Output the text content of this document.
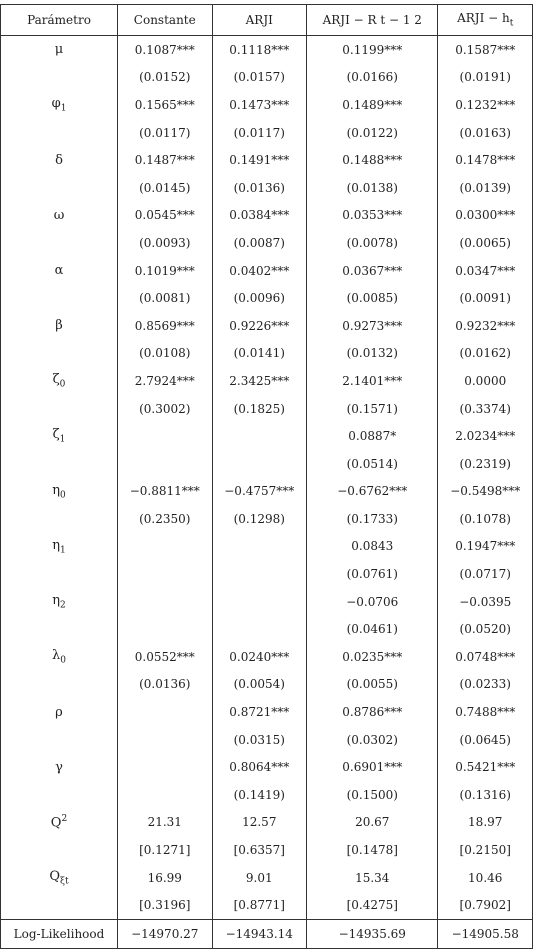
Parámetro	Constante	ARJI	ARJI − R t − 1 2	ARJI − $h_t$
μ	0.1087***	0.1118***	0.1199***	0.1587***
	(0.0152)	(0.0157)	(0.0166)	(0.0191)
$\varphi_1$	0.1565***	0.1473***	0.1489***	0.1232***
	(0.0117)	(0.0117)	(0.0122)	(0.0163)
δ	0.1487***	0.1491***	0.1488***	0.1478***
	(0.0145)	(0.0136)	(0.0138)	(0.0139)
ω	0.0545***	0.0384***	0.0353***	0.0300***
	(0.0093)	(0.0087)	(0.0078)	(0.0065)
α	0.1019***	0.0402***	0.0367***	0.0347***
	(0.0081)	(0.0096)	(0.0085)	(0.0091)
β	0.8569***	0.9226***	0.9273***	0.9232***
	(0.0108)	(0.0141)	(0.0132)	(0.0162)
$\zeta_0$	2.7924***	2.3425***	2.1401***	0.0000
	(0.3002)	(0.1825)	(0.1571)	(0.3374)
$\zeta_1$			0.0887*	2.0234***
			(0.0514)	(0.2319)
$\eta_0$	−0.8811***	−0.4757***	−0.6762***	−0.5498***
	(0.2350)	(0.1298)	(0.1733)	(0.1078)
$\eta_1$			0.0843	0.1947***
			(0.0761)	(0.0717)
$\eta_2$			−0.0706	−0.0395
			(0.0461)	(0.0520)
$\lambda_0$	0.0552***	0.0240***	0.0235***	0.0748***
	(0.0136)	(0.0054)	(0.0055)	(0.0233)
ρ		0.8721***	0.8786***	0.7488***
		(0.0315)	(0.0302)	(0.0645)
γ		0.8064***	0.6901***	0.5421***
		(0.1419)	(0.1500)	(0.1316)
$Q^2$	21.31	12.57	20.67	18.97
	[0.1271]	[0.6357]	[0.1478]	[0.2150]
$Q_{\xi t}$	16.99	9.01	15.34	10.46
	[0.3196]	[0.8771]	[0.4275]	[0.7902]
Log-Likelihood	−14970.27	−14943.14	−14935.69	−14905.58
